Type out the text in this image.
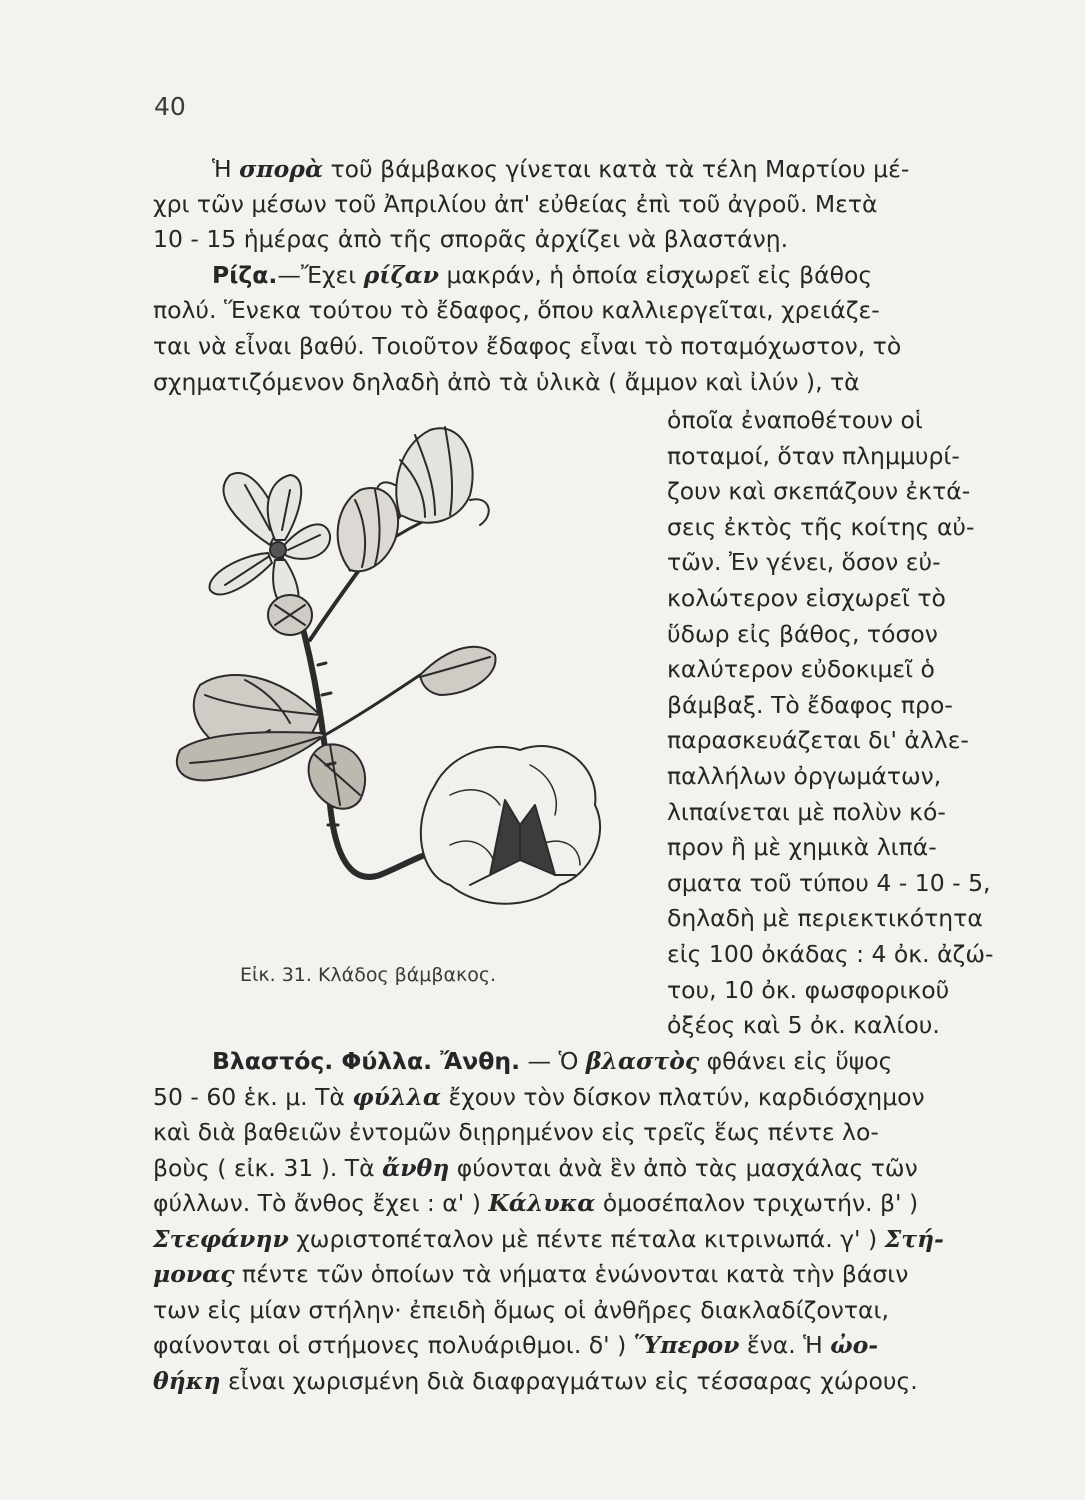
40
Ἡ σπορὰ τοῦ βάμβακος γίνεται κατὰ τὰ τέλη Μαρτίου μέ-
χρι τῶν μέσων τοῦ Ἀπριλίου ἀπ' εὐθείας ἐπὶ τοῦ ἀγροῦ. Μετὰ
10 - 15 ἡμέρας ἀπὸ τῆς σπορᾶς ἀρχίζει νὰ βλαστάνῃ.
Ρίζα.—Ἔχει ρίζαν μακράν, ἡ ὁποία εἰσχωρεῖ εἰς βάθος
πολύ. Ἕνεκα τούτου τὸ ἔδαφος, ὅπου καλλιεργεῖται, χρειάζε-
ται νὰ εἶναι βαθύ. Τοιοῦτον ἔδαφος εἶναι τὸ ποταμόχωστον, τὸ
σχηματιζόμενον δηλαδὴ ἀπὸ τὰ ὑλικὰ ( ἄμμον καὶ ἰλύν ), τὰ
ὁποῖα ἐναποθέτουν οἱ
ποταμοί, ὅταν πλημμυρί-
ζουν καὶ σκεπάζουν ἐκτά-
σεις ἐκτὸς τῆς κοίτης αὐ-
τῶν. Ἐν γένει, ὅσον εὐ-
κολώτερον εἰσχωρεῖ τὸ
ὕδωρ εἰς βάθος, τόσον
καλύτερον εὐδοκιμεῖ ὁ
βάμβαξ. Τὸ ἔδαφος προ-
παρασκευάζεται δι' ἀλλε-
παλλήλων ὀργωμάτων,
λιπαίνεται μὲ πολὺν κό-
προν ἢ μὲ χημικὰ λιπά-
σματα τοῦ τύπου 4 - 10 - 5,
δηλαδὴ μὲ περιεκτικότητα
εἰς 100 ὀκάδας : 4 ὀκ. ἀζώ-
του, 10 ὀκ. φωσφορικοῦ
ὀξέος καὶ 5 ὀκ. καλίου.
Εἰκ. 31. Κλάδος βάμβακος.
Βλαστός. Φύλλα. Ἄνθη. — Ὁ βλαστὸς φθάνει εἰς ὕψος
50 - 60 ἑκ. μ. Τὰ φύλλα ἔχουν τὸν δίσκον πλατύν, καρδιόσχημον
καὶ διὰ βαθειῶν ἐντομῶν διῃρημένον εἰς τρεῖς ἕως πέντε λο-
βοὺς ( εἰκ. 31 ). Τὰ ἄνθη φύονται ἀνὰ ἓν ἀπὸ τὰς μασχάλας τῶν
φύλλων. Τὸ ἄνθος ἔχει : α' ) Κάλυκα ὁμοσέπαλον τριχωτήν. β' )
Στεφάνην χωριστοπέταλον μὲ πέντε πέταλα κιτρινωπά. γ' ) Στή-
μονας πέντε τῶν ὁποίων τὰ νήματα ἑνώνονται κατὰ τὴν βάσιν
των εἰς μίαν στήλην· ἐπειδὴ ὅμως οἱ ἀνθῆρες διακλαδίζονται,
φαίνονται οἱ στήμονες πολυάριθμοι. δ' ) Ὕπερον ἕνα. Ἡ ὠο-
θήκη εἶναι χωρισμένη διὰ διαφραγμάτων εἰς τέσσαρας χώρους.
